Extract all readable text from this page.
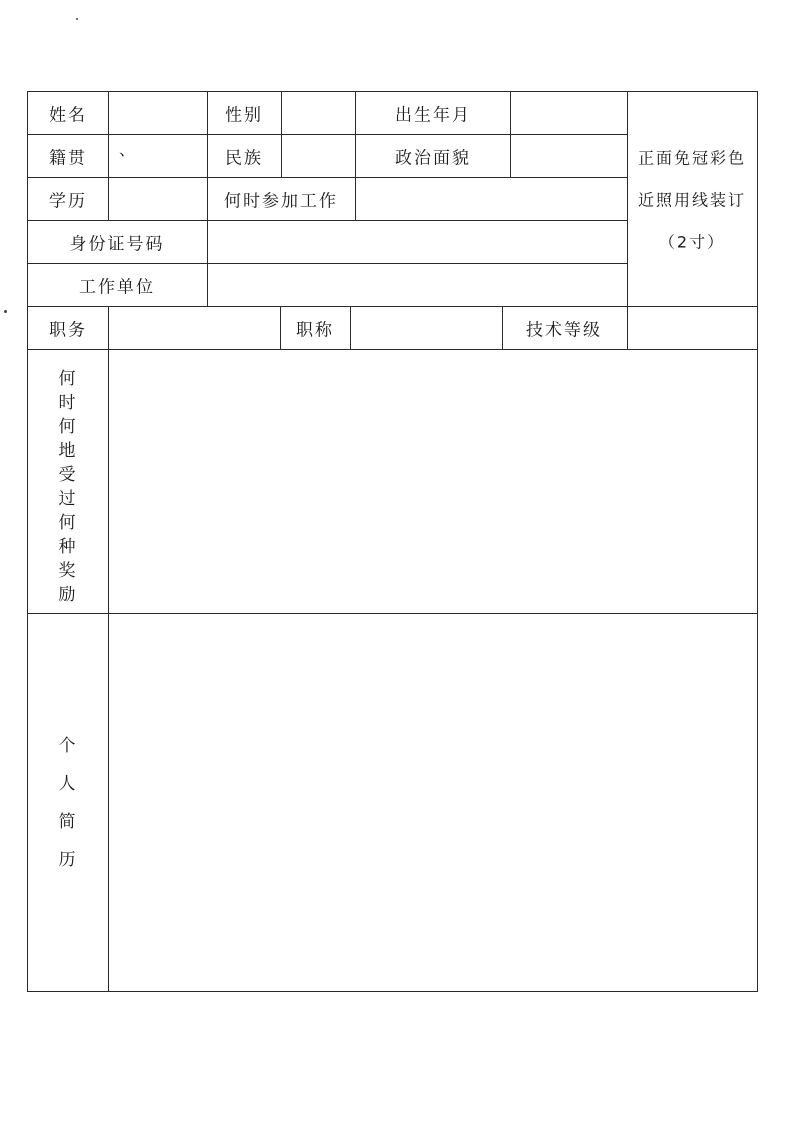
姓名	性别	出生年月
籍贯 、	民族	政治面貌
学历	何时参加工作
身份证号码
工作单位
正面免冠彩色
近照用线装订
（2寸）
职务	职称	技术等级
何
时
何
地
受
过
何
种
奖
励
个
人
简
历
